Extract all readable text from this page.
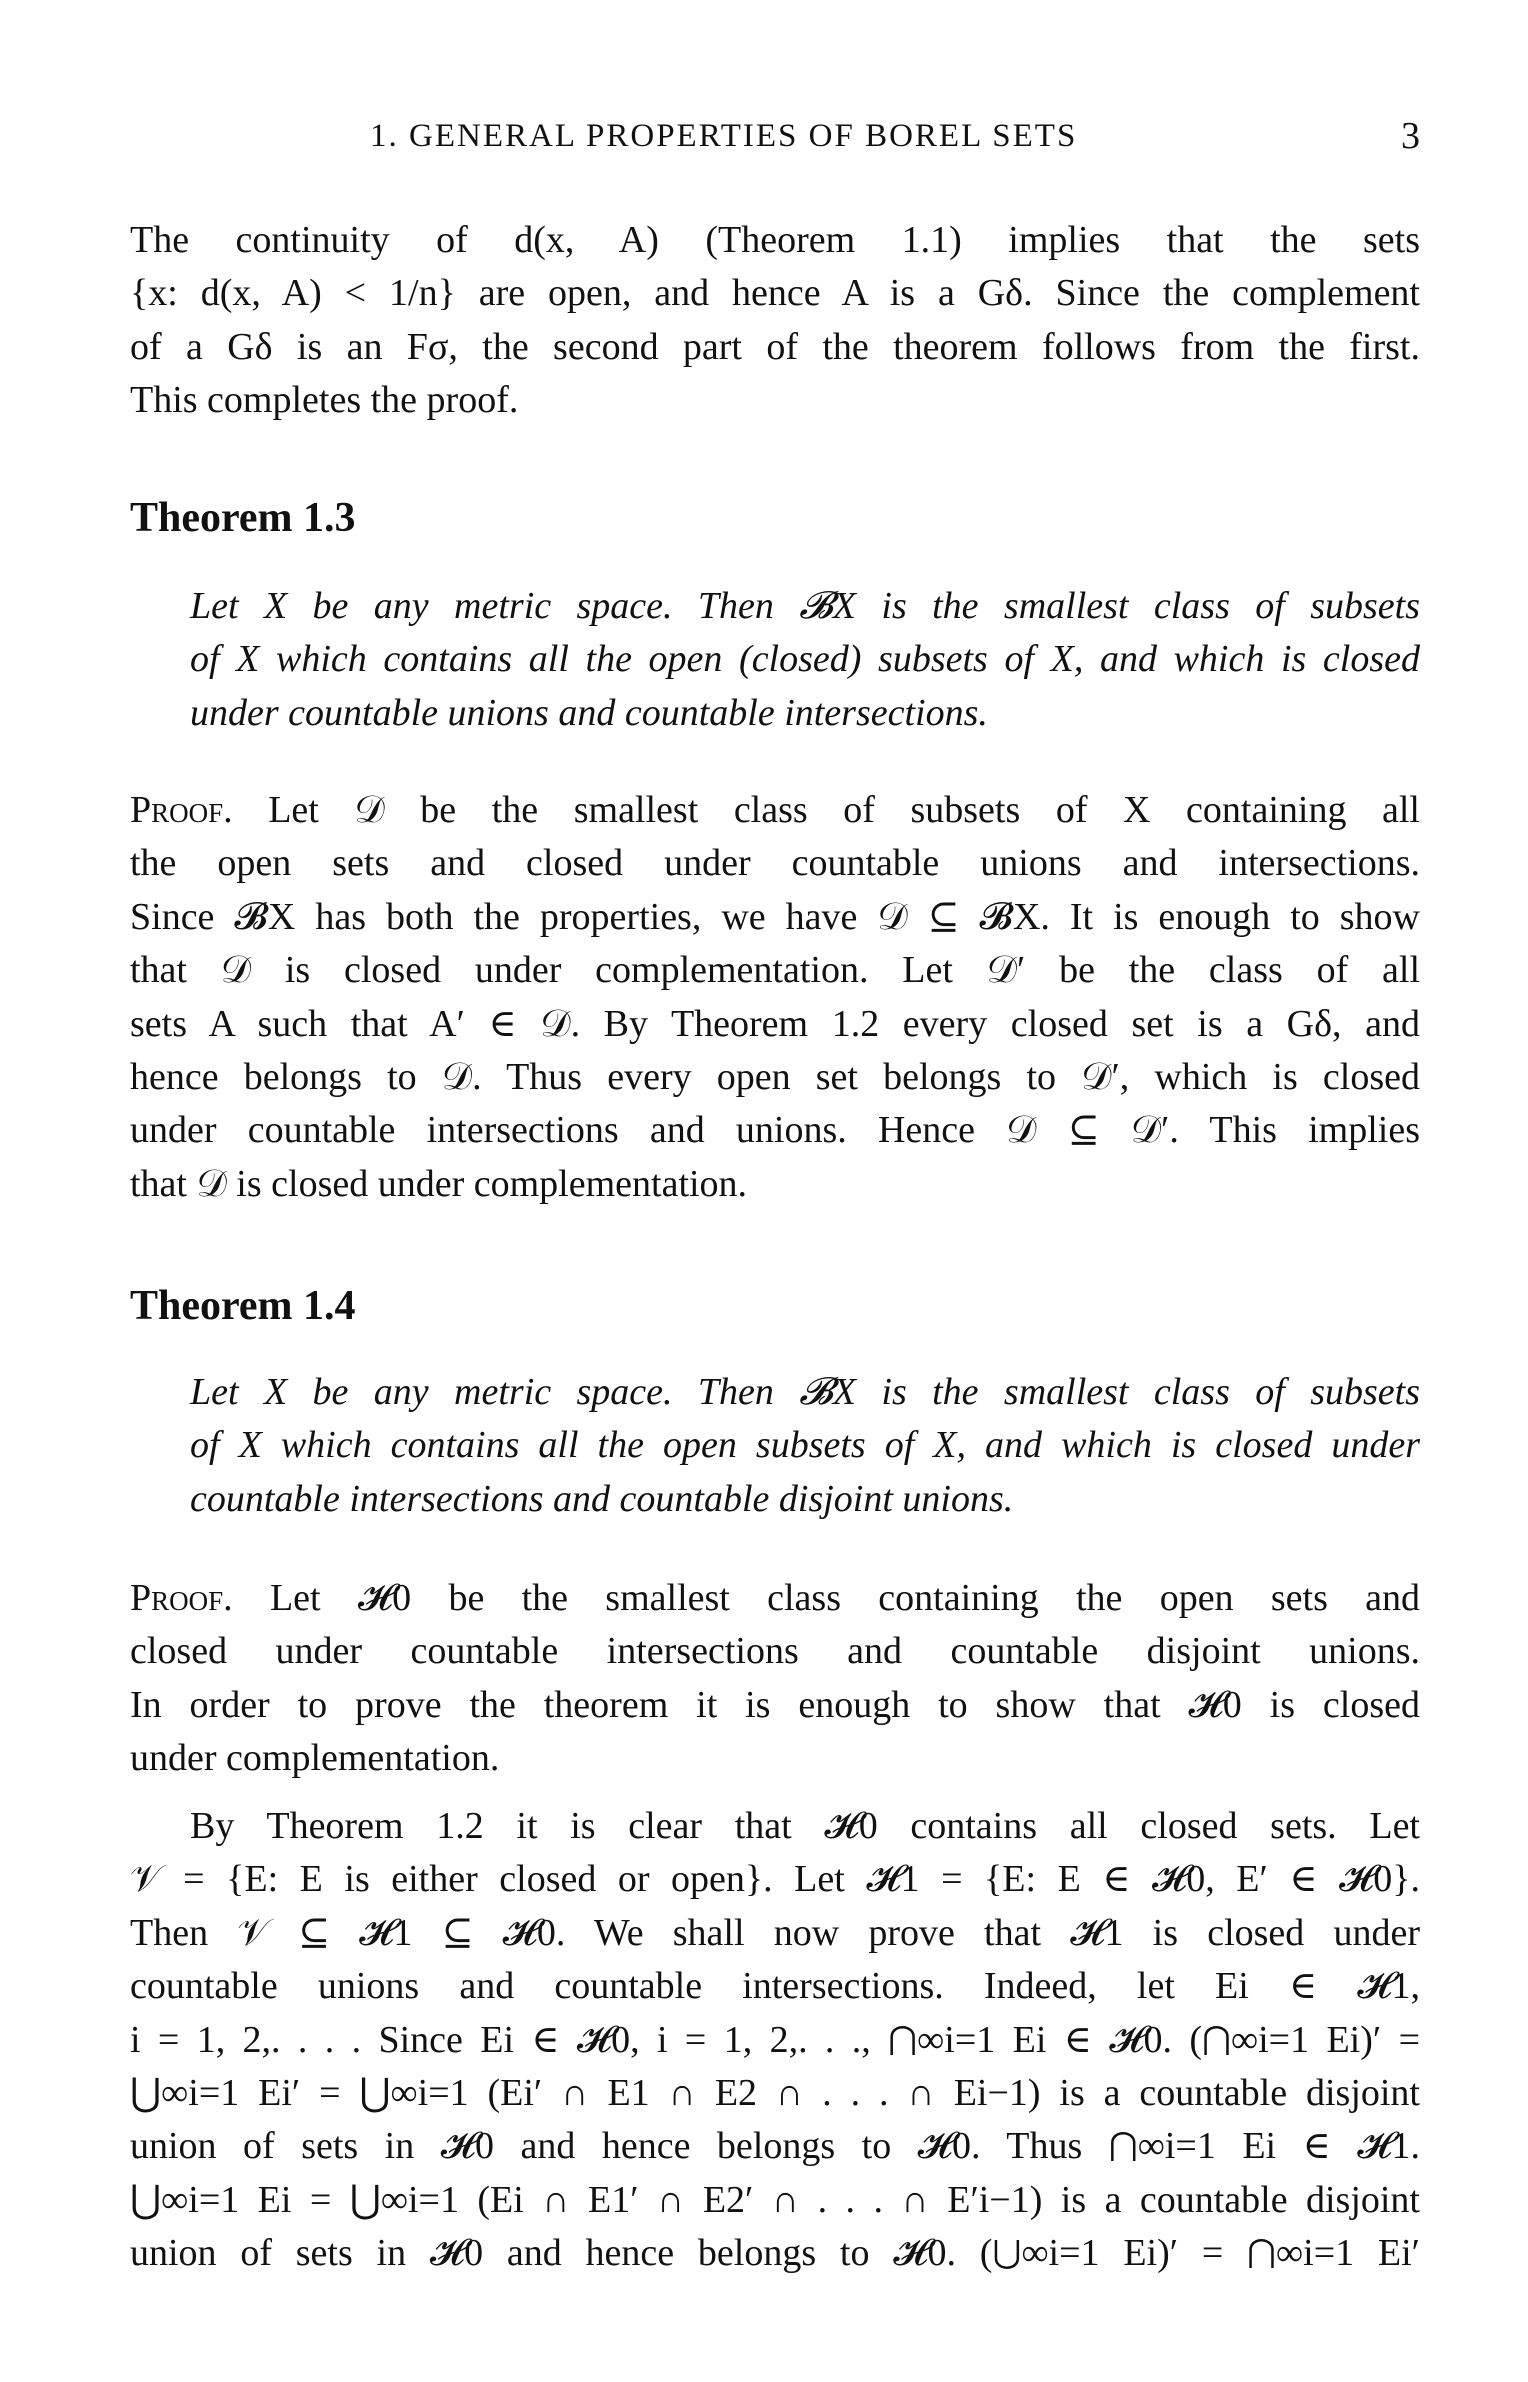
1. GENERAL PROPERTIES OF BOREL SETS	3
The continuity of d(x, A) (Theorem 1.1) implies that the sets
{x: d(x, A) < 1/n} are open, and hence A is a Gδ. Since the complement
of a Gδ is an Fσ, the second part of the theorem follows from the first.
This completes the proof.
Theorem 1.3
Let X be any metric space. Then 𝓑X is the smallest class of subsets
of X which contains all the open (closed) subsets of X, and which is closed
under countable unions and countable intersections.
Proof. Let 𝒟 be the smallest class of subsets of X containing all
the open sets and closed under countable unions and intersections.
Since 𝓑X has both the properties, we have 𝒟 ⊆ 𝓑X. It is enough to show
that 𝒟 is closed under complementation. Let 𝒟′ be the class of all
sets A such that A′ ∈ 𝒟. By Theorem 1.2 every closed set is a Gδ, and
hence belongs to 𝒟. Thus every open set belongs to 𝒟′, which is closed
under countable intersections and unions. Hence 𝒟 ⊆ 𝒟′. This implies
that 𝒟 is closed under complementation.
Theorem 1.4
Let X be any metric space. Then 𝓑X is the smallest class of subsets
of X which contains all the open subsets of X, and which is closed under
countable intersections and countable disjoint unions.
Proof. Let 𝓗0 be the smallest class containing the open sets and
closed under countable intersections and countable disjoint unions.
In order to prove the theorem it is enough to show that 𝓗0 is closed
under complementation.
By Theorem 1.2 it is clear that 𝓗0 contains all closed sets. Let
𝒱 = {E: E is either closed or open}. Let 𝓗1 = {E: E ∈ 𝓗0, E′ ∈ 𝓗0}.
Then 𝒱 ⊆ 𝓗1 ⊆ 𝓗0. We shall now prove that 𝓗1 is closed under
countable unions and countable intersections. Indeed, let Ei ∈ 𝓗1,
i = 1, 2,. . . . Since Ei ∈ 𝓗0, i = 1, 2,. . ., ⋂∞i=1 Ei ∈ 𝓗0. (⋂∞i=1 Ei)′ =
⋃∞i=1 Ei′ = ⋃∞i=1 (Ei′ ∩ E1 ∩ E2 ∩ . . . ∩ Ei−1) is a countable disjoint
union of sets in 𝓗0 and hence belongs to 𝓗0. Thus ⋂∞i=1 Ei ∈ 𝓗1.
⋃∞i=1 Ei = ⋃∞i=1 (Ei ∩ E1′ ∩ E2′ ∩ . . . ∩ E′i−1) is a countable disjoint
union of sets in 𝓗0 and hence belongs to 𝓗0. (⋃∞i=1 Ei)′ = ⋂∞i=1 Ei′
